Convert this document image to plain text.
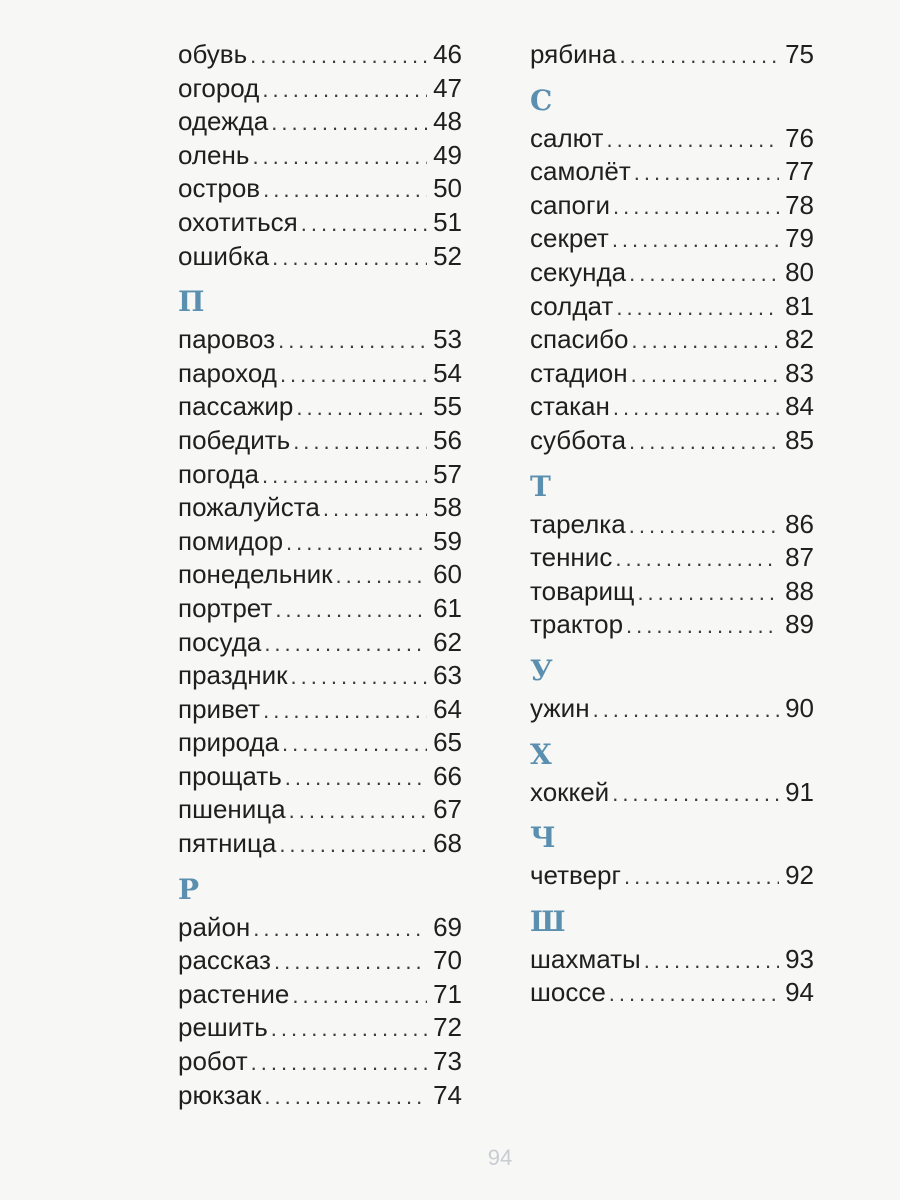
обувь .....	46
огород .....	47
одежда .....	48
олень .....	49
остров .....	50
охотиться .....	51
ошибка .....	52
П
паровоз .....	53
пароход .....	54
пассажир .....	55
победить .....	56
погода .....	57
пожалуйста .....	58
помидор .....	59
понедельник .....	60
портрет .....	61
посуда .....	62
праздник .....	63
привет .....	64
природа .....	65
прощать .....	66
пшеница .....	67
пятница .....	68
Р
район .....	69
рассказ .....	70
растение .....	71
решить .....	72
робот .....	73
рюкзак .....	74
рябина .....	75
С
салют .....	76
самолёт .....	77
сапоги .....	78
секрет .....	79
секунда .....	80
солдат .....	81
спасибо .....	82
стадион .....	83
стакан .....	84
суббота .....	85
Т
тарелка .....	86
теннис .....	87
товарищ .....	88
трактор .....	89
У
ужин .....	90
Х
хоккей .....	91
Ч
четверг .....	92
Ш
шахматы .....	93
шоссе .....	94
94
